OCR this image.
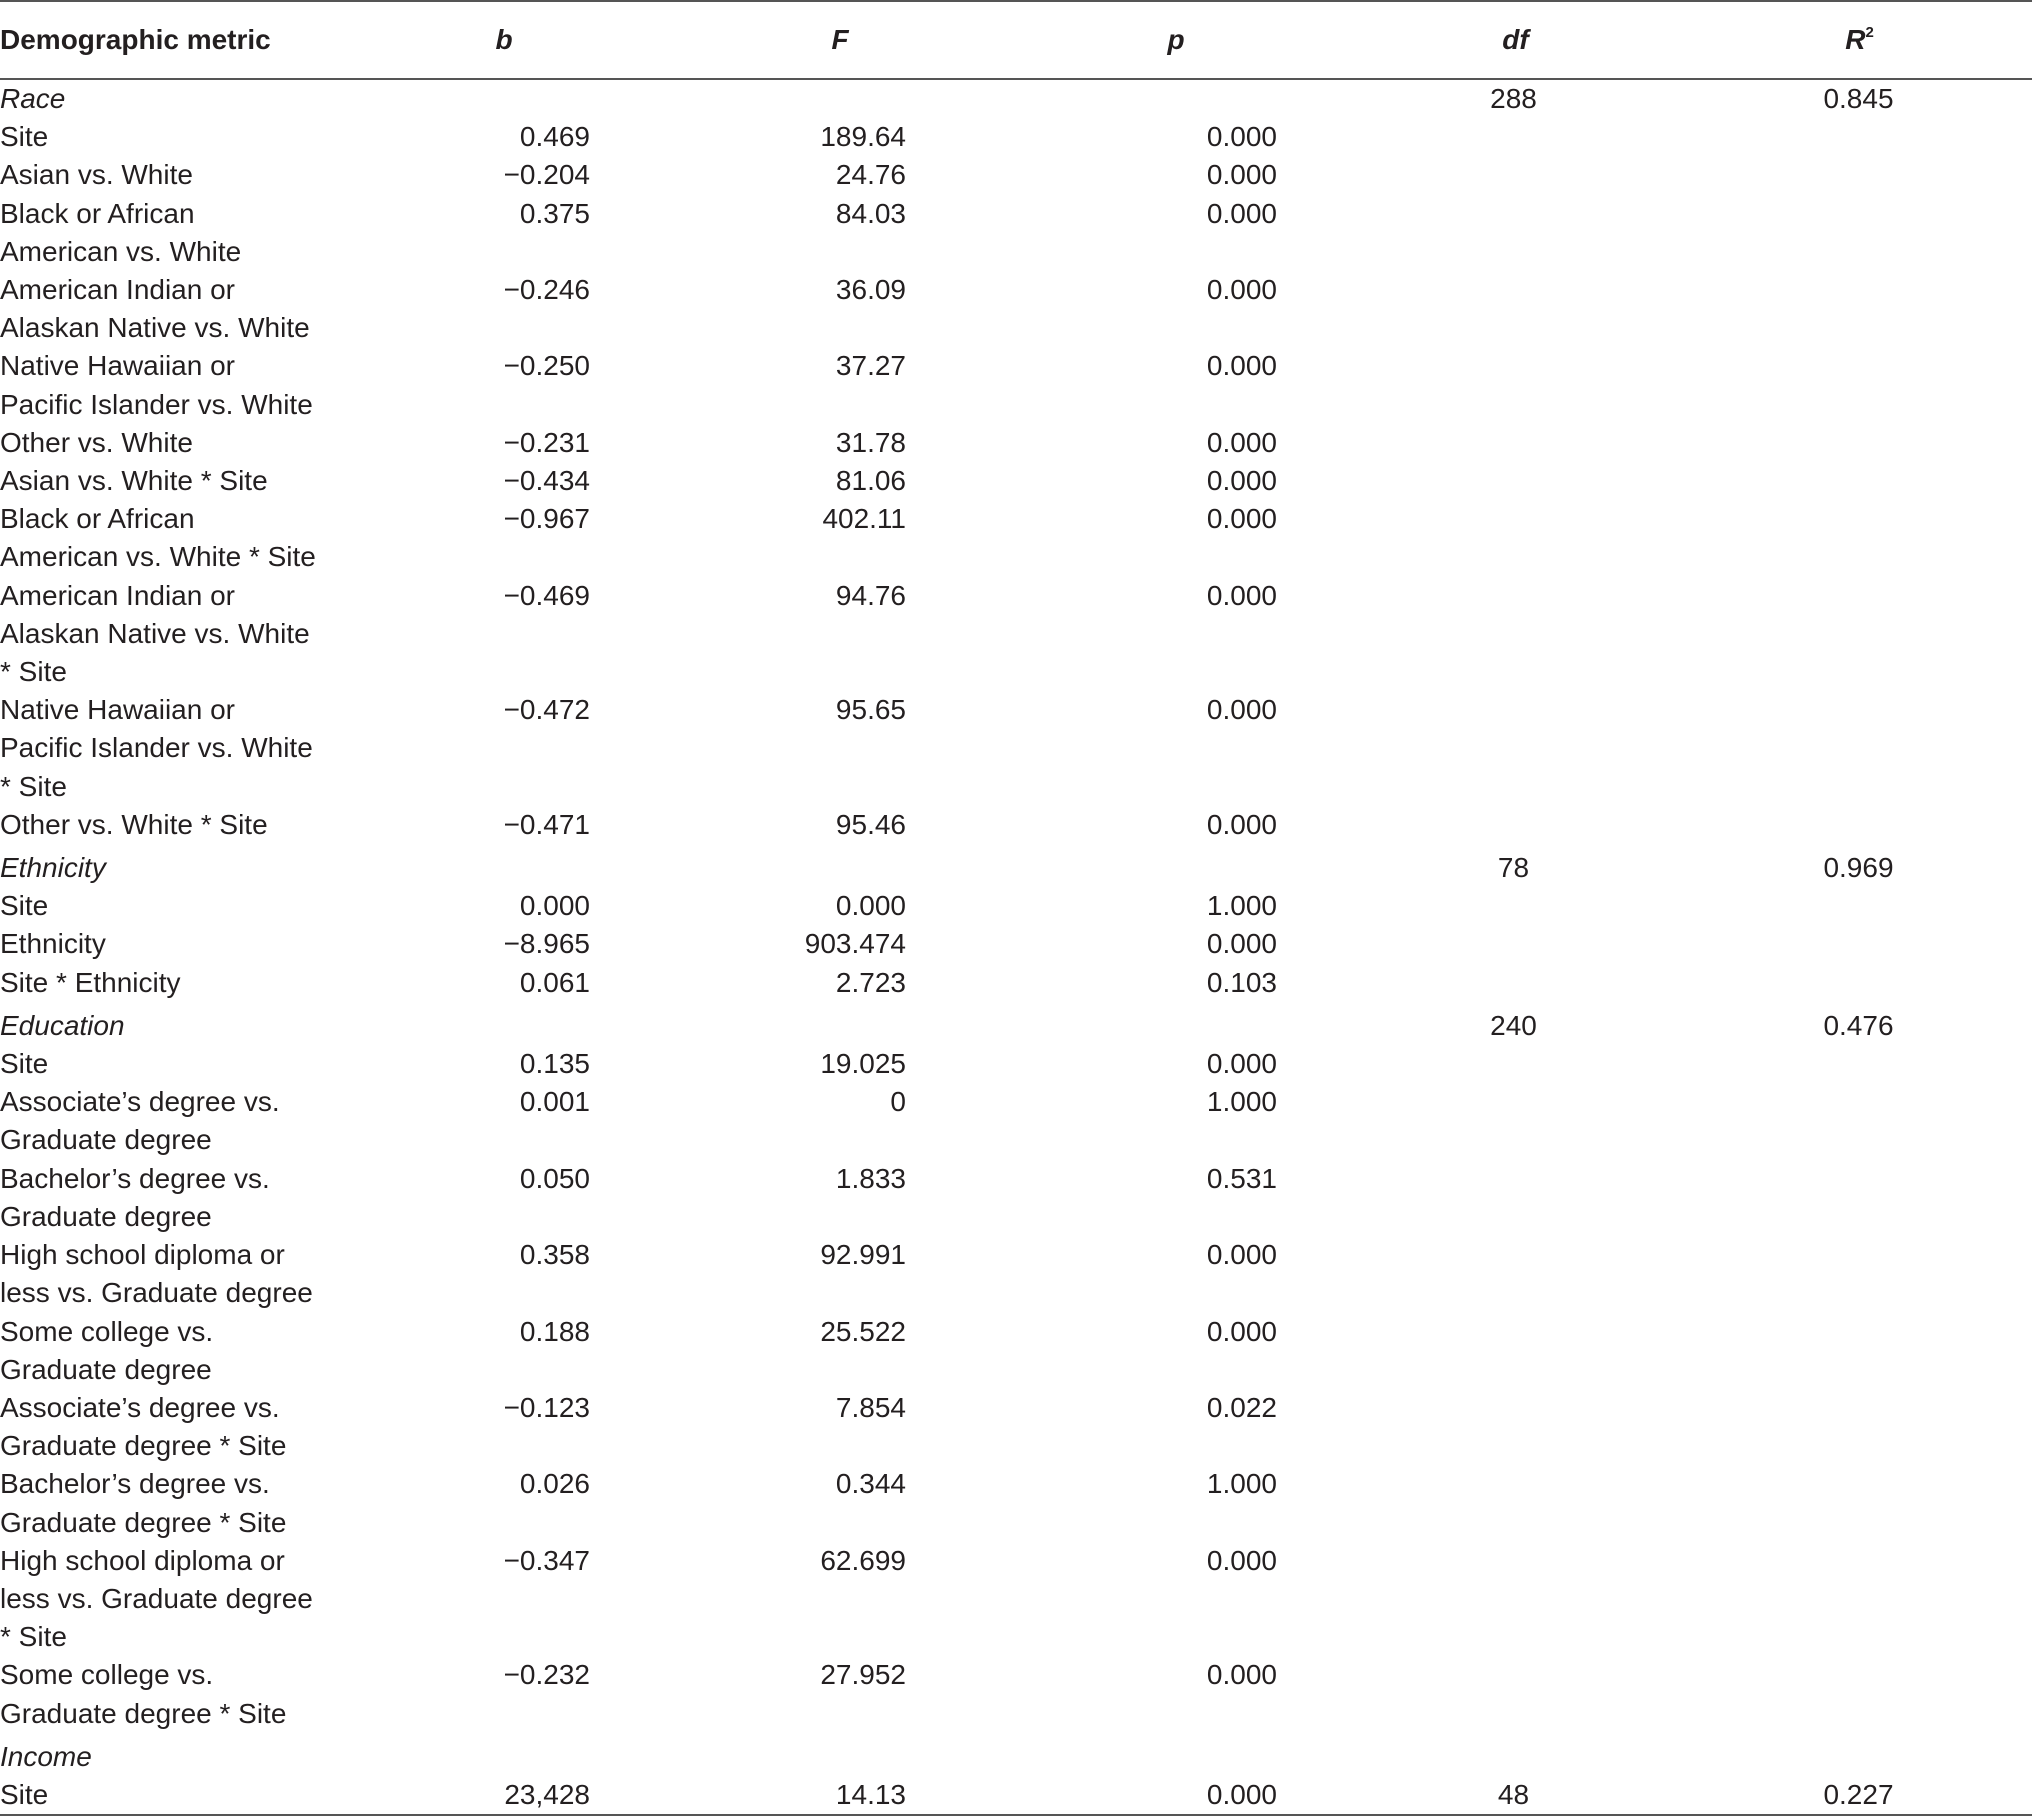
Demographic metric	b	F	p	df	$R^2$
Race				288	0.845
Site	0.469	189.64	0.000		
Asian vs. White	−0.204	24.76	0.000		
Black or African American vs. White	0.375	84.03	0.000		
American Indian or Alaskan Native vs. White	−0.246	36.09	0.000		
Native Hawaiian or Pacific Islander vs. White	−0.250	37.27	0.000		
Other vs. White	−0.231	31.78	0.000		
Asian vs. White * Site	−0.434	81.06	0.000		
Black or African American vs. White * Site	−0.967	402.11	0.000		
American Indian or Alaskan Native vs. White * Site	−0.469	94.76	0.000		
Native Hawaiian or Pacific Islander vs. White * Site	−0.472	95.65	0.000		
Other vs. White * Site	−0.471	95.46	0.000		
Ethnicity				78	0.969
Site	0.000	0.000	1.000		
Ethnicity	−8.965	903.474	0.000		
Site * Ethnicity	0.061	2.723	0.103		
Education				240	0.476
Site	0.135	19.025	0.000		
Associate’s degree vs. Graduate degree	0.001	0	1.000		
Bachelor’s degree vs. Graduate degree	0.050	1.833	0.531		
High school diploma or less vs. Graduate degree	0.358	92.991	0.000		
Some college vs. Graduate degree	0.188	25.522	0.000		
Associate’s degree vs. Graduate degree * Site	−0.123	7.854	0.022		
Bachelor’s degree vs. Graduate degree * Site	0.026	0.344	1.000		
High school diploma or less vs. Graduate degree * Site	−0.347	62.699	0.000		
Some college vs. Graduate degree * Site	−0.232	27.952	0.000		
Income					
Site	23,428	14.13	0.000	48	0.227
